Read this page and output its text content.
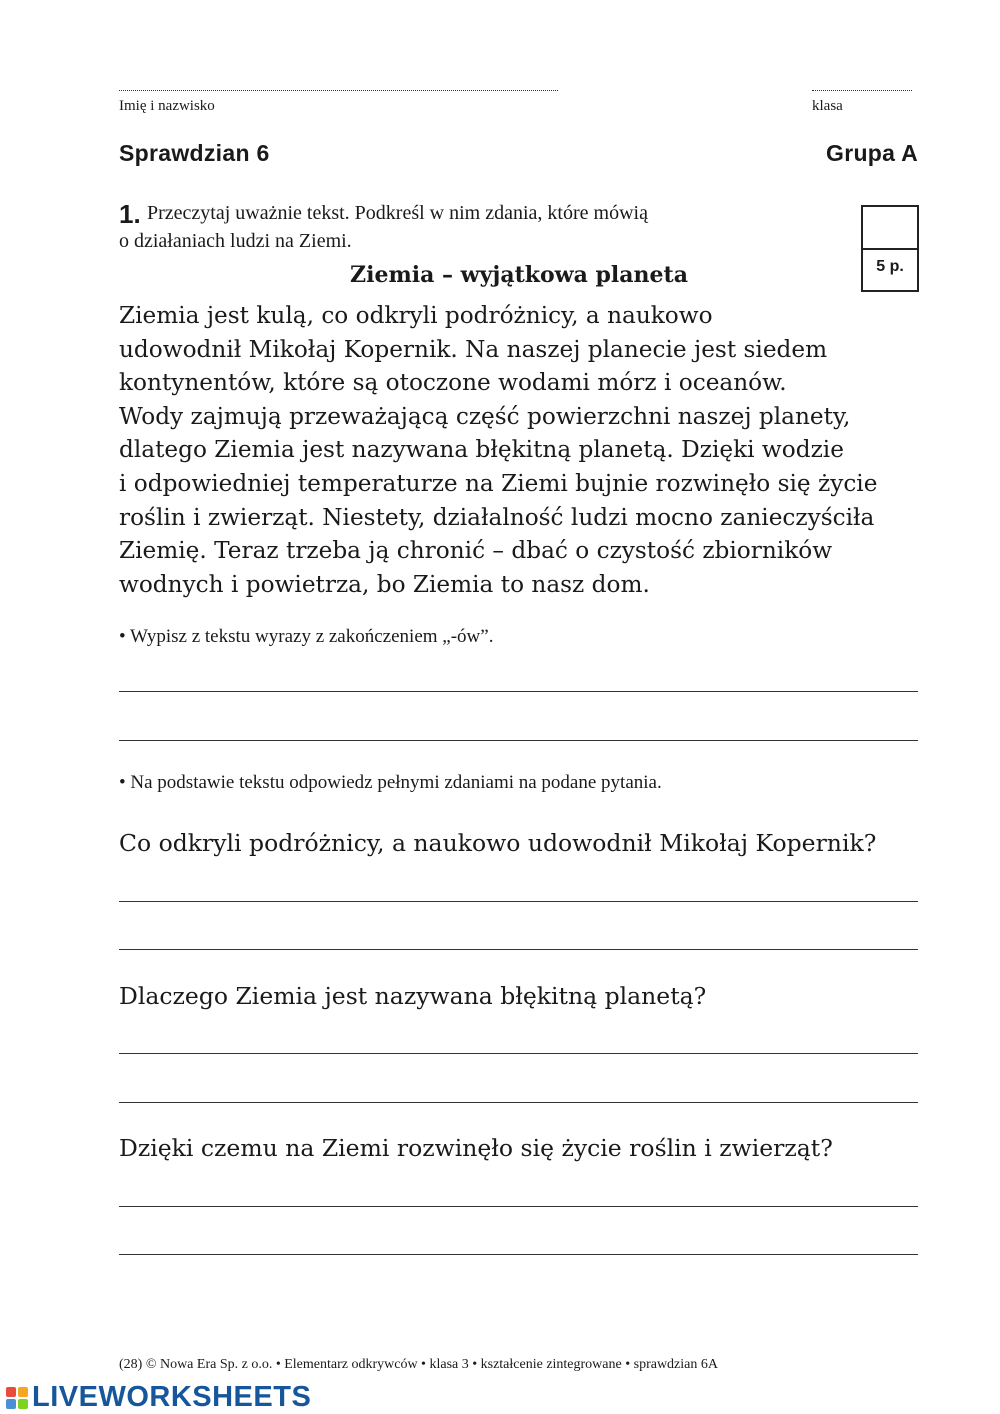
Imię i nazwisko	klasa
Sprawdzian 6	Grupa A
1. Przeczytaj uważnie tekst. Podkreśl w nim zdania, które mówią
o działaniach ludzi na Ziemi.
5 p.
Ziemia – wyjątkowa planeta

Ziemia jest kulą, co odkryli podróżnicy, a naukowo

udowodnił Mikołaj Kopernik. Na naszej planecie jest siedem

kontynentów, które są otoczone wodami mórz i oceanów.

Wody zajmują przeważającą część powierzchni naszej planety,

dlatego Ziemia jest nazywana błękitną planetą. Dzięki wodzie

i odpowiedniej temperaturze na Ziemi bujnie rozwinęło się życie

roślin i zwierząt. Niestety, działalność ludzi mocno zanieczyściła

Ziemię. Teraz trzeba ją chronić – dbać o czystość zbiorników

wodnych i powietrza, bo Ziemia to nasz dom.

• Wypisz z tekstu wyrazy z zakończeniem „-ów”.
• Na podstawie tekstu odpowiedz pełnymi zdaniami na podane pytania.
Co odkryli podróżnicy, a naukowo udowodnił Mikołaj Kopernik?
Dlaczego Ziemia jest nazywana błękitną planetą?
Dzięki czemu na Ziemi rozwinęło się życie roślin i zwierząt?
(28) © Nowa Era Sp. z o.o. • Elementarz odkrywców • klasa 3 • kształcenie zintegrowane • sprawdzian 6A
LIVEWORKSHEETS
